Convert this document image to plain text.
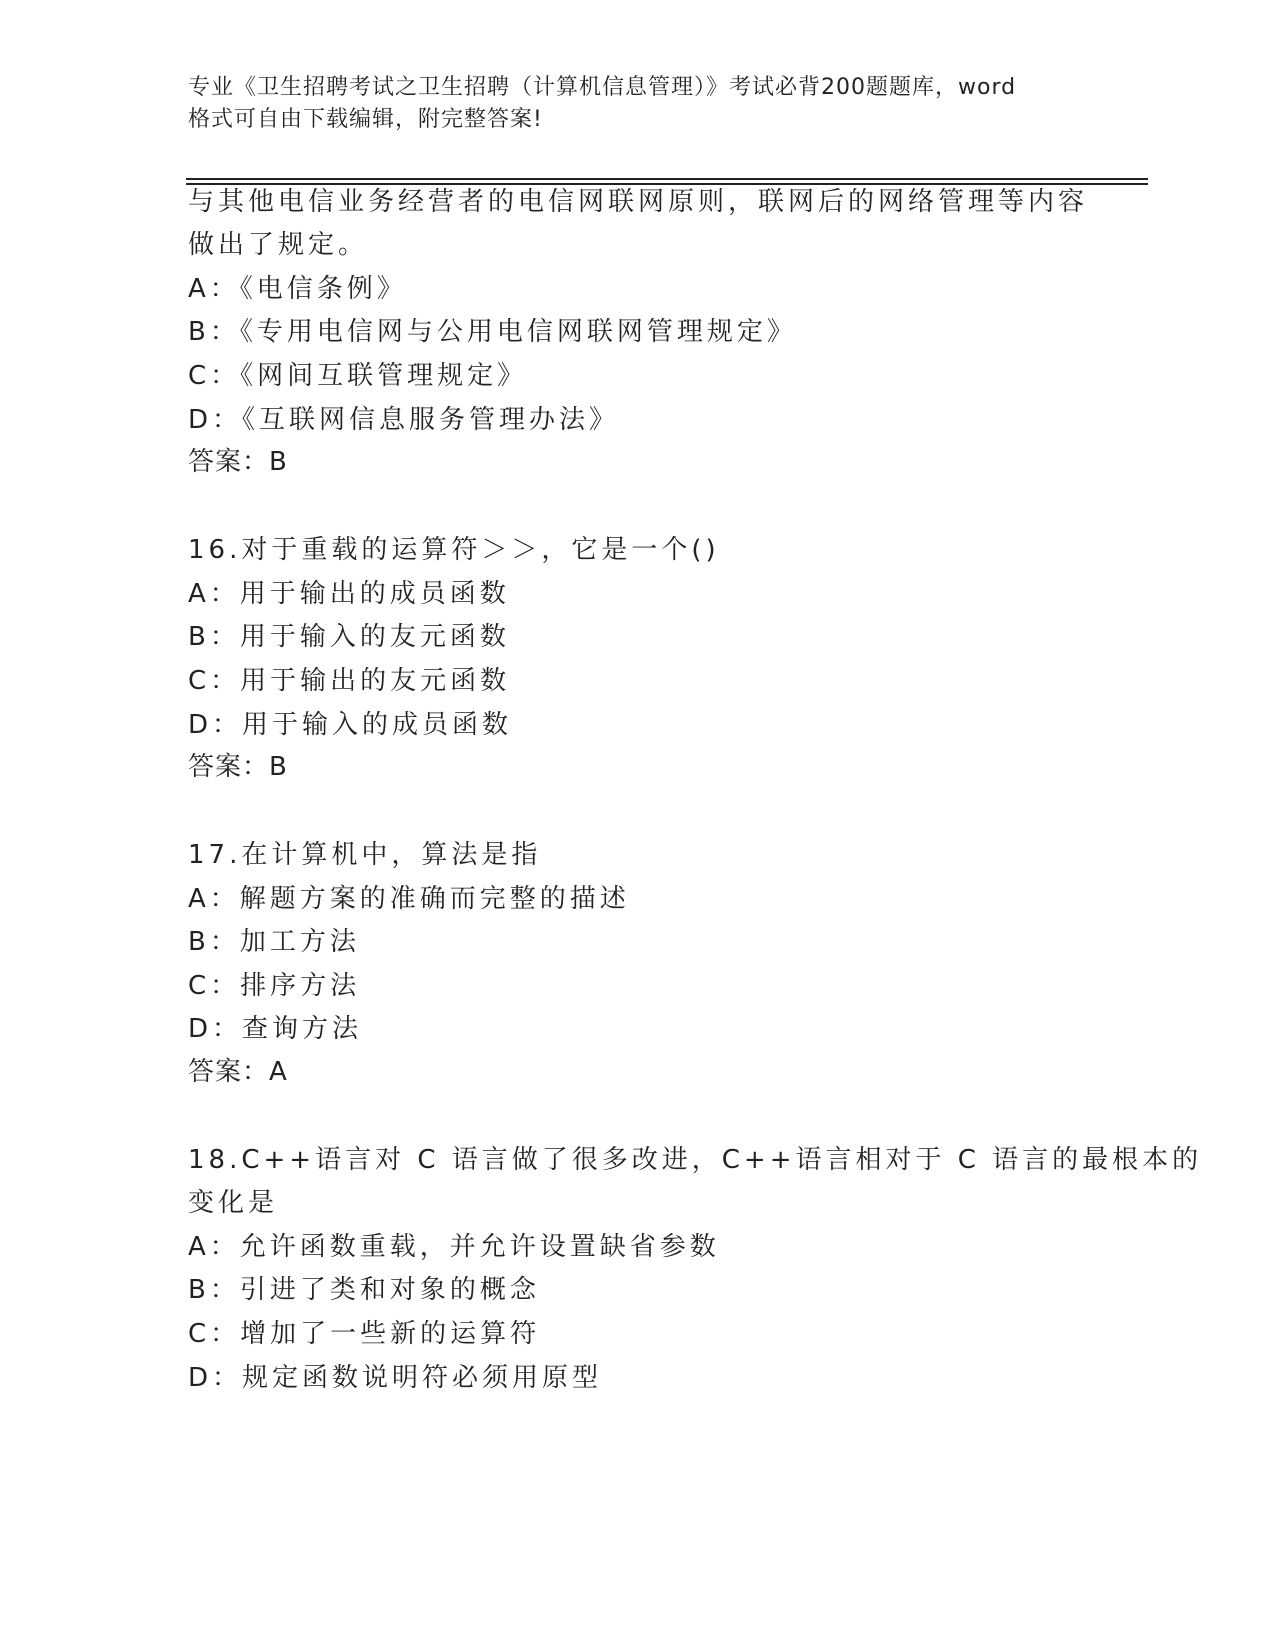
专业《卫生招聘考试之卫生招聘（计算机信息管理）》考试必背200题题库，word
格式可自由下载编辑，附完整答案!
与其他电信业务经营者的电信网联网原则，联网后的网络管理等内容
做出了规定。
A：《电信条例》
B：《专用电信网与公用电信网联网管理规定》
C：《网间互联管理规定》
D：《互联网信息服务管理办法》
答案：B
16.对于重载的运算符＞＞，它是一个()
A：用于输出的成员函数
B：用于输入的友元函数
C：用于输出的友元函数
D：用于输入的成员函数
答案：B
17.在计算机中，算法是指
A：解题方案的准确而完整的描述
B：加工方法
C：排序方法
D：查询方法
答案：A
18.C++语言对 C 语言做了很多改进，C++语言相对于 C 语言的最根本的
变化是
A：允许函数重载，并允许设置缺省参数
B：引进了类和对象的概念
C：增加了一些新的运算符
D：规定函数说明符必须用原型
